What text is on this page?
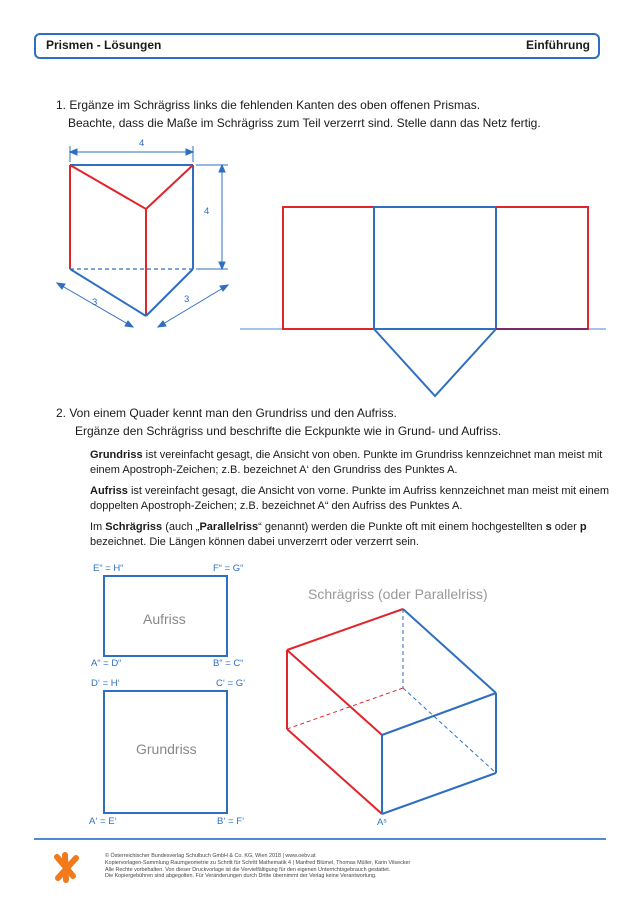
Prismen - Lösungen	Einführung
1. Ergänze im Schrägriss links die fehlenden Kanten des oben offenen Prismas.
Beachte, dass die Maße im Schrägriss zum Teil verzerrt sind. Stelle dann das Netz fertig.
4
4
3	3
2. Von einem Quader kennt man den Grundriss und den Aufriss.
Ergänze den Schrägriss und beschrifte die Eckpunkte wie in Grund- und Aufriss.
Grundriss ist vereinfacht gesagt, die Ansicht von oben. Punkte im Grundriss kennzeichnet man meist mit einem Apostroph-Zeichen; z.B. bezeichnet A‘ den Grundriss des Punktes A.
Aufriss ist vereinfacht gesagt, die Ansicht von vorne. Punkte im Aufriss kennzeichnet man meist mit einem doppelten Apostroph-Zeichen; z.B. bezeichnet A“ den Aufriss des Punktes A.
Im Schrägriss (auch „Parallelriss“ genannt) werden die Punkte oft mit einem hochgestellten s oder p bezeichnet. Die Längen können dabei unverzerrt oder verzerrt sein.
E“ = H“	F“ = G“
A“ = D“	B“ = C“
Aufriss
D‘ = H‘	C‘ = G‘
A‘ = E‘	B‘ = F‘
Grundriss
Schrägriss (oder Parallelriss)
Aˢ
© Österreichischer Bundesverlag Schulbuch GmbH & Co. KG, Wien 2018 | www.oebv.at
Kopiervorlagen-Sammlung Raumgeometrie zu Schritt für Schritt Mathematik 4 | Manfred Blümel, Thomas Müller, Karin Vilsecker
Alle Rechte vorbehalten. Von dieser Druckvorlage ist die Vervielfältigung für den eigenen Unterrichtsgebrauch gestattet.
Die Kopiergebühren sind abgegolten. Für Veränderungen durch Dritte übernimmt der Verlag keine Verantwortung.
